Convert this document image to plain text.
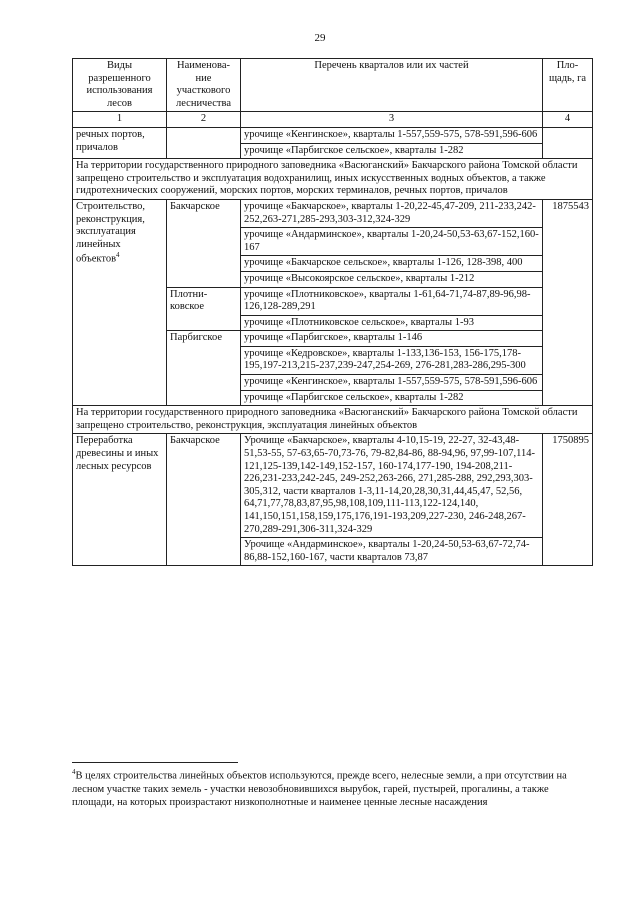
29
Виды разрешенного использования лесов	Наименова-ние участкового лесничества	Перечень кварталов или их частей	Пло-щадь, га
1	2	3	4
речных портов, причалов		урочище «Кенгинское», кварталы 1-557,559-575, 578-591,596-606	
		урочище «Парбигское сельское», кварталы 1-282	
На территории государственного природного заповедника «Васюганский» Бакчарского района Томской области запрещено строительство и эксплуатация водохранилищ, иных искусственных водных объектов, а также гидротехнических сооружений, морских портов, морских терминалов, речных портов, причалов			
Строительство, реконструкция, эксплуатация линейных объектов$^4$	Бакчарское	урочище «Бакчарское», кварталы 1-20,22-45,47-209, 211-233,242-252,263-271,285-293,303-312,324-329	1875543
		урочище «Андарминское», кварталы 1-20,24-50,53-63,67-152,160-167	
		урочище «Бакчарское сельское», кварталы 1-126, 128-398, 400	
		урочище «Высокоярское сельское», кварталы 1-212	
	Плотни-ковское	урочище «Плотниковское», кварталы 1-61,64-71,74-87,89-96,98-126,128-289,291	
		урочище «Плотниковское сельское», кварталы 1-93	
	Парбигское	урочище «Парбигское», кварталы 1-146	
		урочище «Кедровское», кварталы 1-133,136-153, 156-175,178-195,197-213,215-237,239-247,254-269, 276-281,283-286,295-300	
		урочище «Кенгинское», кварталы 1-557,559-575, 578-591,596-606	
		урочище «Парбигское сельское», кварталы 1-282	
На территории государственного природного заповедника «Васюганский» Бакчарского района Томской области запрещено строительство, реконструкция, эксплуатация линейных объектов			
Переработка древесины и иных лесных ресурсов	Бакчарское	Урочище «Бакчарское», кварталы 4-10,15-19, 22-27, 32-43,48-51,53-55, 57-63,65-70,73-76, 79-82,84-86, 88-94,96, 97,99-107,114-121,125-139,142-149,152-157, 160-174,177-190, 194-208,211-226,231-233,242-245, 249-252,263-266, 271,285-288, 292,293,303-305,312, части кварталов 1-3,11-14,20,28,30,31,44,45,47, 52,56, 64,71,77,78,83,87,95,98,108,109,111-113,122-124,140, 141,150,151,158,159,175,176,191-193,209,227-230, 246-248,267-270,289-291,306-311,324-329	1750895
		Урочище «Андарминское», кварталы 1-20,24-50,53-63,67-72,74-86,88-152,160-167, части кварталов 73,87	
$^4$В целях строительства линейных объектов используются, прежде всего, нелесные земли, а при отсутствии на лесном участке таких земель - участки невозобновившихся вырубок, гарей, пустырей, прогалины, а также площади, на которых произрастают низкополнотные и наименее ценные лесные насаждения
